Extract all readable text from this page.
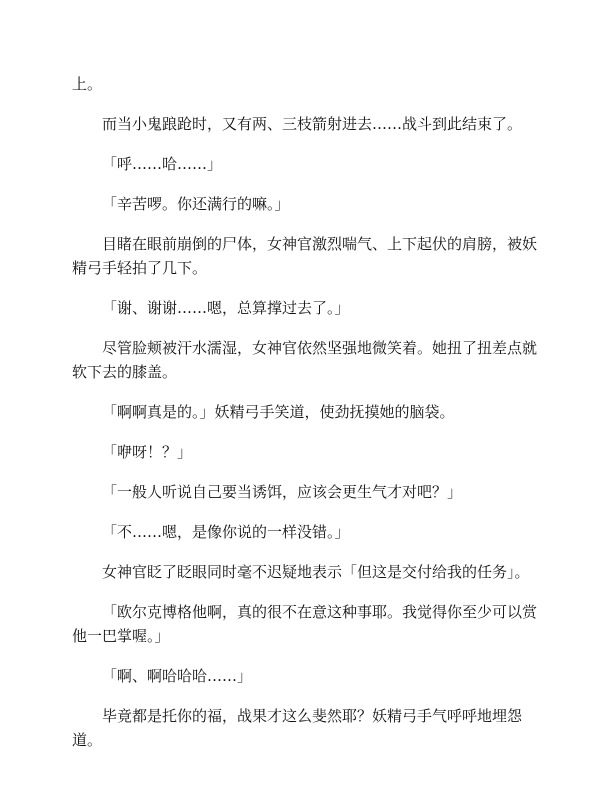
上。

而当小鬼踉跄时，又有两、三枝箭射进去……战斗到此结束了。

「呼……哈……」

「辛苦啰。你还满行的嘛。」

目睹在眼前崩倒的尸体，女神官激烈喘气、上下起伏的肩膀，被妖精弓手轻拍了几下。

「谢、谢谢……嗯，总算撑过去了。」

尽管脸颊被汗水濡湿，女神官依然坚强地微笑着。她扭了扭差点就软下去的膝盖。

「啊啊真是的。」妖精弓手笑道，使劲抚摸她的脑袋。

「咿呀！？」

「一般人听说自己要当诱饵，应该会更生气才对吧？」

「不……嗯，是像你说的一样没错。」

女神官眨了眨眼同时毫不迟疑地表示「但这是交付给我的任务」。

「欧尔克博格他啊，真的很不在意这种事耶。我觉得你至少可以赏他一巴掌喔。」

「啊、啊哈哈哈……」

毕竟都是托你的福，战果才这么斐然耶？妖精弓手气呼呼地埋怨道。
